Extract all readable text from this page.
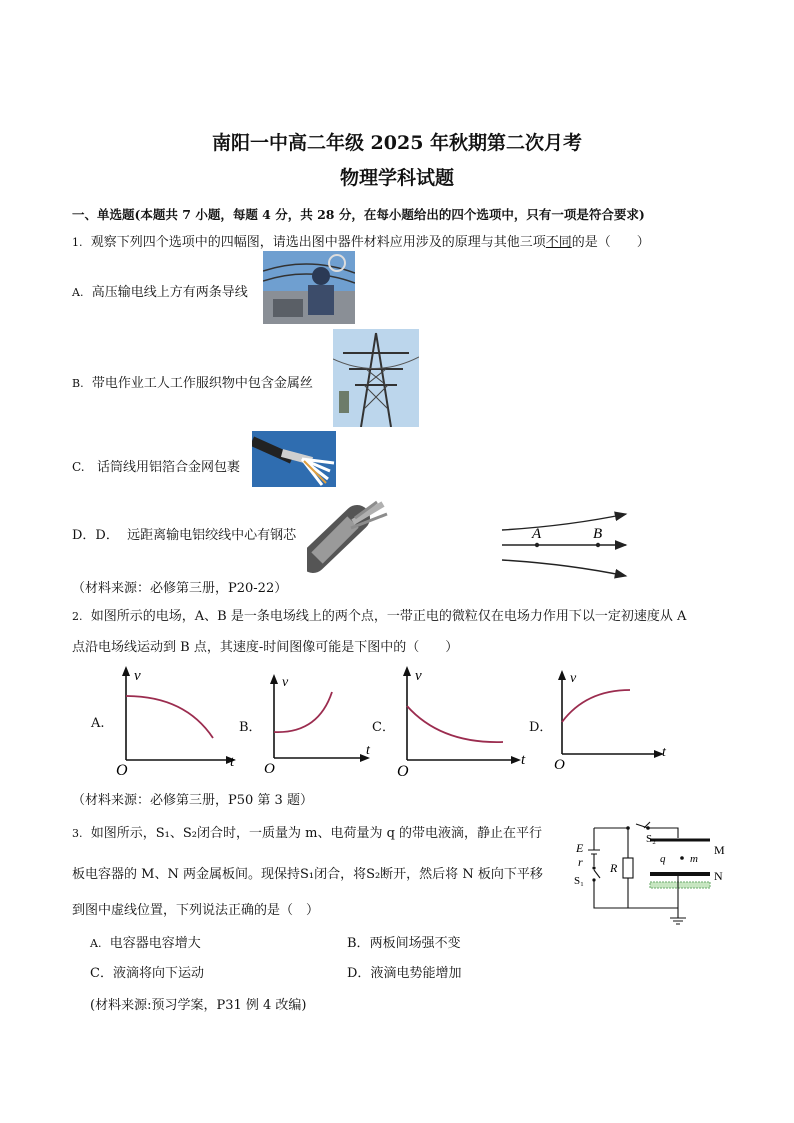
南阳一中高二年级 2025 年秋期第二次月考
物理学科试题
一、单选题(本题共 7 小题，每题 4 分，共 28 分，在每小题给出的四个选项中，只有一项是符合要求)
1. 观察下列四个选项中的四幅图，请选出图中器件材料应用涉及的原理与其他三项不同的是（　　）
A. 高压输电线上方有两条导线
B. 带电作业工人工作服织物中包含金属丝
C. 话筒线用铝箔合金网包裹
D．D． 远距离输电铝绞线中心有钢芯	A	B
（材料来源：必修第三册，P20-22）
2. 如图所示的电场，A、B 是一条电场线上的两个点，一带正电的微粒仅在电场力作用下以一定初速度从 A
点沿电场线运动到 B 点，其速度-时间图像可能是下图中的（　　）
A.
v
t
O
B．
v
t
O
C．
v
t
O
D．
v
t
O
（材料来源：必修第三册，P50 第 3 题）
3. 如图所示，S₁、S₂闭合时，一质量为 m、电荷量为 q 的带电液滴，静止在平行
板电容器的 M、N 两金属板间。现保持S₁闭合，将S₂断开，然后将 N 板向下平移
到图中虚线位置，下列说法正确的是（　）
E
r
S₁
S₂
R
M
N
q m
A. 电容器电容增大	B．两板间场强不变
C．液滴将向下运动	D．液滴电势能增加
(材料来源:预习学案，P31 例 4 改编)
